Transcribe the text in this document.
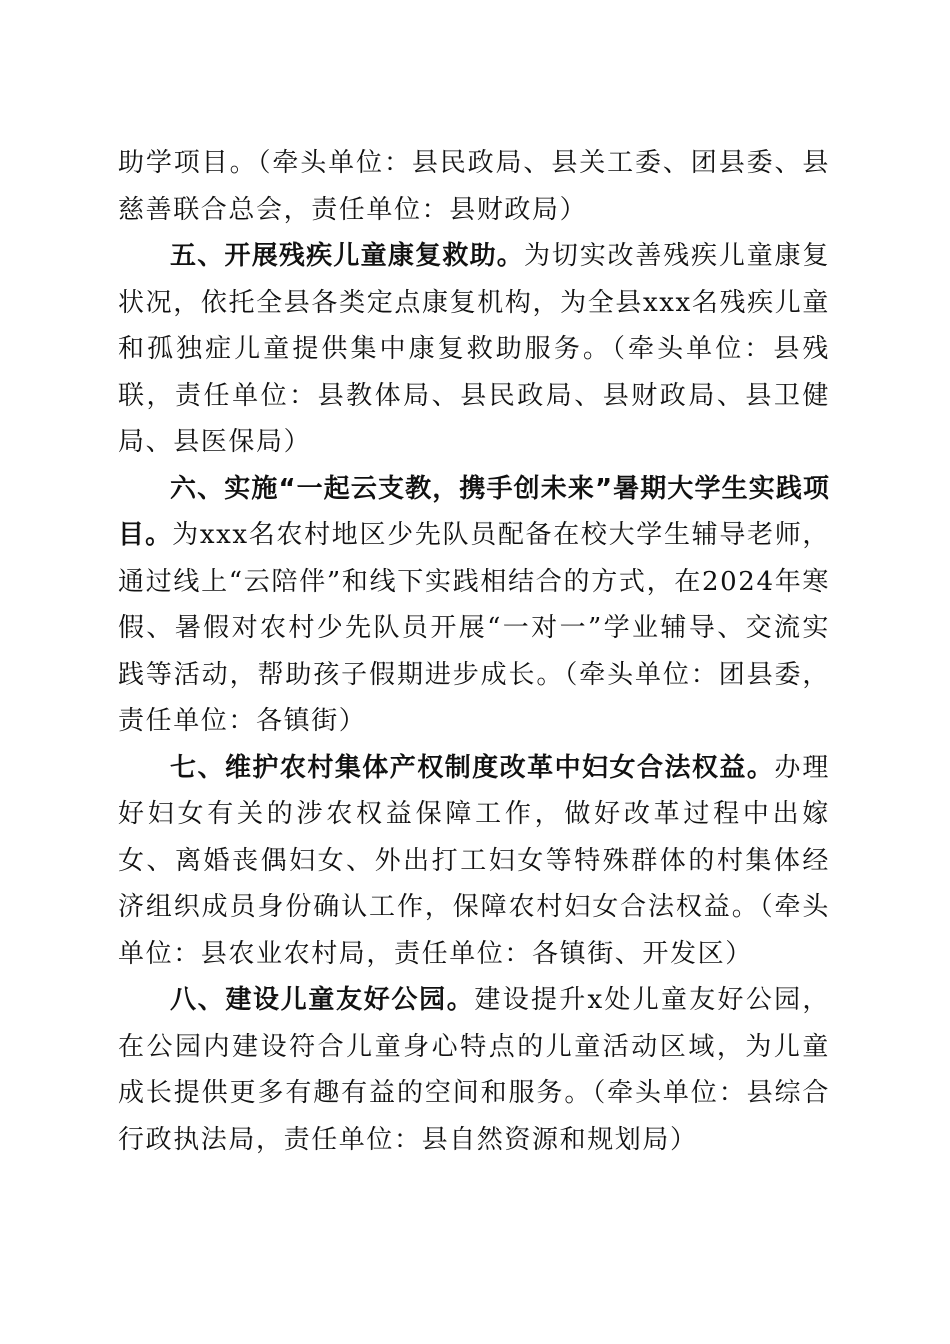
助学项目。（牵头单位：县民政局、县关工委、团县委、县慈善联合总会，责任单位：县财政局）

五、开展残疾儿童康复救助。为切实改善残疾儿童康复状况，依托全县各类定点康复机构，为全县xxx名残疾儿童和孤独症儿童提供集中康复救助服务。（牵头单位：县残联，责任单位：县教体局、县民政局、县财政局、县卫健局、县医保局）

六、实施“一起云支教，携手创未来”暑期大学生实践项目。为xxx名农村地区少先队员配备在校大学生辅导老师，通过线上“云陪伴”和线下实践相结合的方式，在2024年寒假、暑假对农村少先队员开展“一对一”学业辅导、交流实践等活动，帮助孩子假期进步成长。（牵头单位：团县委，责任单位：各镇街）

七、维护农村集体产权制度改革中妇女合法权益。办理好妇女有关的涉农权益保障工作，做好改革过程中出嫁女、离婚丧偶妇女、外出打工妇女等特殊群体的村集体经济组织成员身份确认工作，保障农村妇女合法权益。（牵头单位：县农业农村局，责任单位：各镇街、开发区）

八、建设儿童友好公园。建设提升x处儿童友好公园，在公园内建设符合儿童身心特点的儿童活动区域，为儿童成长提供更多有趣有益的空间和服务。（牵头单位：县综合行政执法局，责任单位：县自然资源和规划局）
